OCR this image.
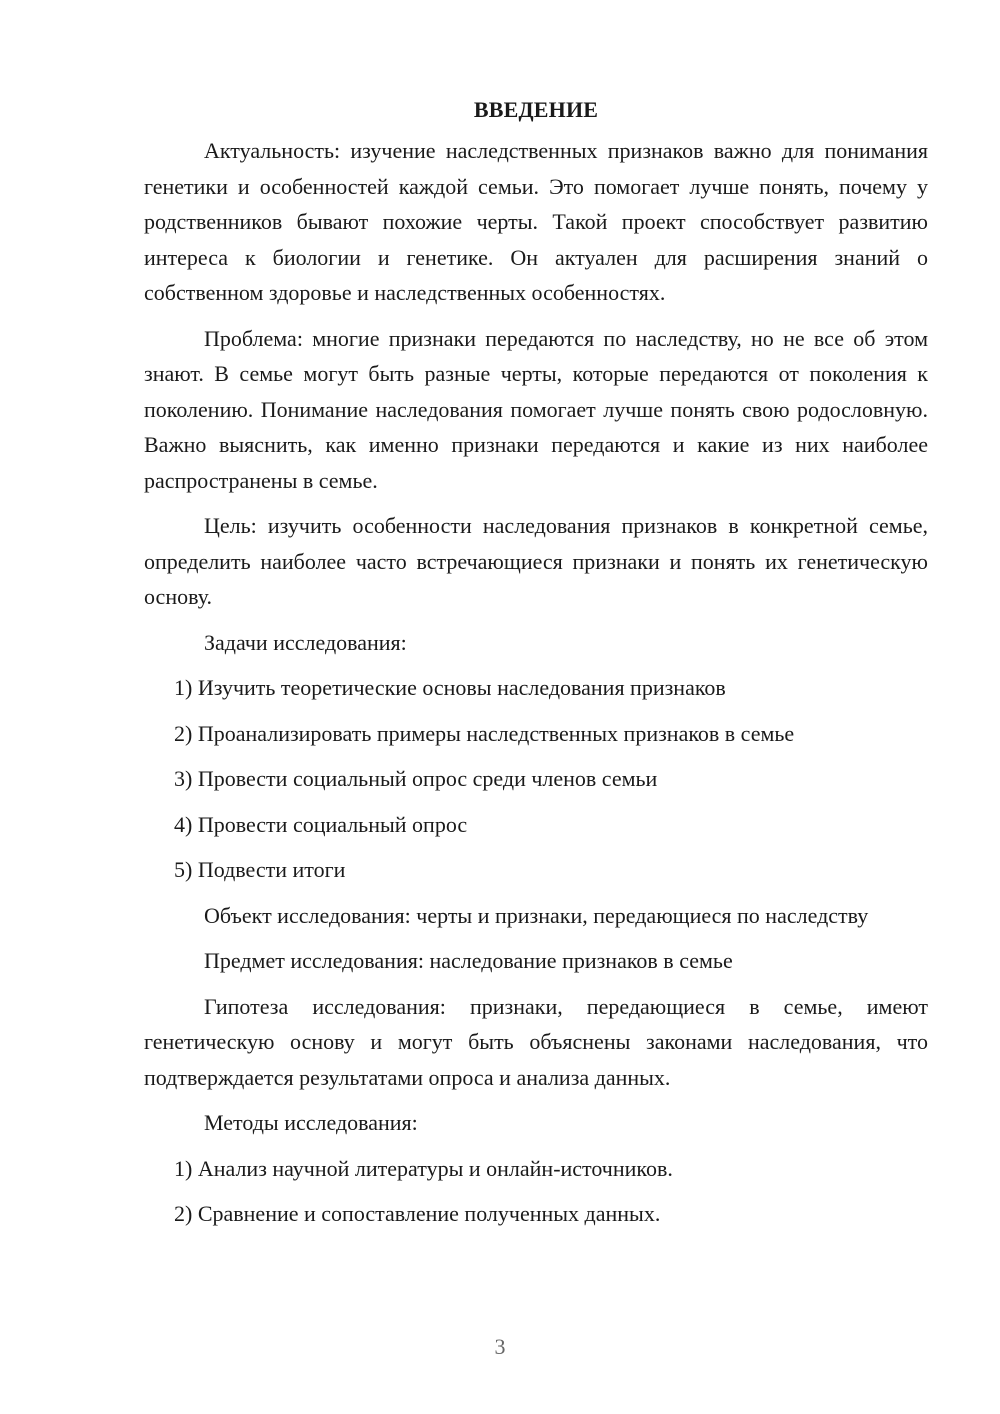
ВВЕДЕНИЕ

Актуальность: изучение наследственных признаков важно для понимания генетики и особенностей каждой семьи. Это помогает лучше понять, почему у родственников бывают похожие черты. Такой проект способствует развитию интереса к биологии и генетике. Он актуален для расширения знаний о собственном здоровье и наследственных особенностях.

Проблема: многие признаки передаются по наследству, но не все об этом знают. В семье могут быть разные черты, которые передаются от поколения к поколению. Понимание наследования помогает лучше понять свою родословную. Важно выяснить, как именно признаки передаются и какие из них наиболее распространены в семье.

Цель: изучить особенности наследования признаков в конкретной семье, определить наиболее часто встречающиеся признаки и понять их генетическую основу.

Задачи исследования:
1) Изучить теоретические основы наследования признаков
2) Проанализировать примеры наследственных признаков в семье
3) Провести социальный опрос среди членов семьи
4) Провести социальный опрос
5) Подвести итоги

Объект исследования: черты и признаки, передающиеся по наследству

Предмет исследования: наследование признаков в семье

Гипотеза исследования: признаки, передающиеся в семье, имеют генетическую основу и могут быть объяснены законами наследования, что подтверждается результатами опроса и анализа данных.

Методы исследования:
1) Анализ научной литературы и онлайн-источников.
2) Сравнение и сопоставление полученных данных.
3
